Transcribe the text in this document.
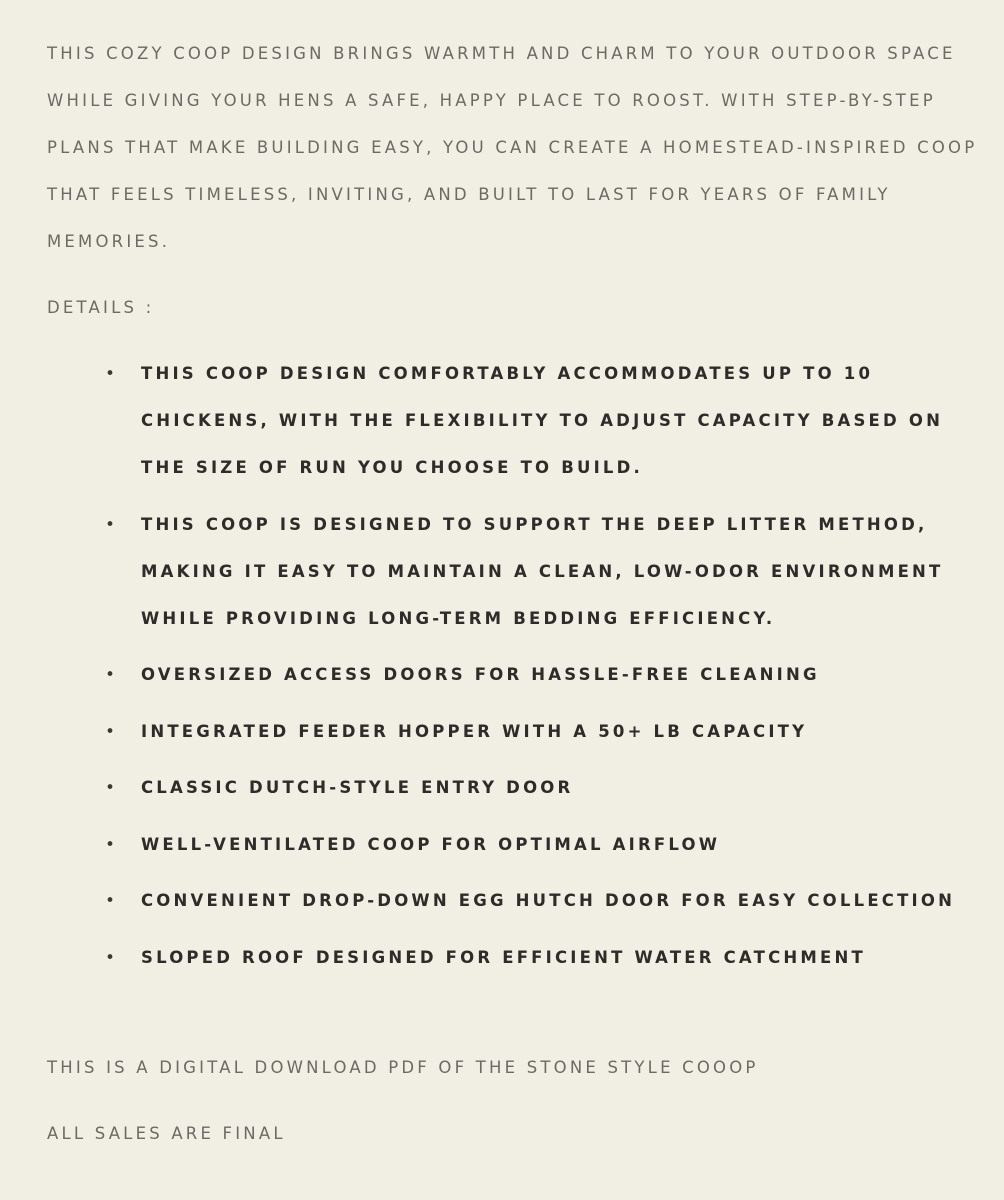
THIS COZY COOP DESIGN BRINGS WARMTH AND CHARM TO YOUR OUTDOOR SPACE WHILE GIVING YOUR HENS A SAFE, HAPPY PLACE TO ROOST. WITH STEP-BY-STEP PLANS THAT MAKE BUILDING EASY, YOU CAN CREATE A HOMESTEAD-INSPIRED COOP THAT FEELS TIMELESS, INVITING, AND BUILT TO LAST FOR YEARS OF FAMILY MEMORIES.

DETAILS :

• THIS COOP DESIGN COMFORTABLY ACCOMMODATES UP TO 10 CHICKENS, WITH THE FLEXIBILITY TO ADJUST CAPACITY BASED ON THE SIZE OF RUN YOU CHOOSE TO BUILD.
• THIS COOP IS DESIGNED TO SUPPORT THE DEEP LITTER METHOD, MAKING IT EASY TO MAINTAIN A CLEAN, LOW-ODOR ENVIRONMENT WHILE PROVIDING LONG-TERM BEDDING EFFICIENCY.
• OVERSIZED ACCESS DOORS FOR HASSLE-FREE CLEANING
• INTEGRATED FEEDER HOPPER WITH A 50+ LB CAPACITY
• CLASSIC DUTCH-STYLE ENTRY DOOR
• WELL-VENTILATED COOP FOR OPTIMAL AIRFLOW
• CONVENIENT DROP-DOWN EGG HUTCH DOOR FOR EASY COLLECTION
• SLOPED ROOF DESIGNED FOR EFFICIENT WATER CATCHMENT

THIS IS A DIGITAL DOWNLOAD PDF OF THE STONE STYLE COOOP

ALL SALES ARE FINAL
